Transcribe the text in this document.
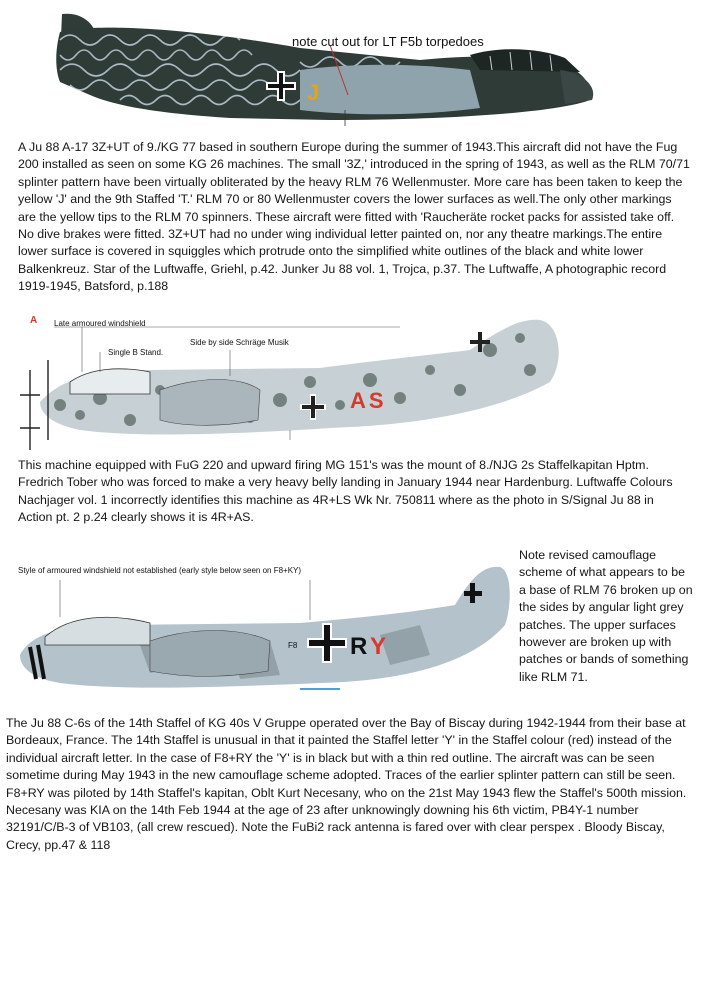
J
note cut out for LT F5b torpedoes

A Ju 88 A-17 3Z+UT of 9./KG 77 based in southern Europe during the summer of 1943.This aircraft did not have the Fug 200 installed as seen on some KG 26 machines. The small '3Z,' introduced in the spring of 1943, as well as the RLM 70/71 splinter pattern have been virtually obliterated by the heavy RLM 76 Wellenmuster. More care has been taken to keep the yellow 'J' and the 9th Staffed 'T.' RLM 70 or 80 Wellenmuster covers the lower surfaces as well.The only other markings are the yellow tips to the RLM 70 spinners. These aircraft were fitted with 'Raucheräte rocket packs for assisted take off. No dive brakes were fitted. 3Z+UT had no under wing individual letter painted on, nor any theatre markings.The entire lower surface is covered in squiggles which protrude onto the simplified white outlines of the black and white lower Balkenkreuz. Star of the Luftwaffe, Griehl, p.42. Junker Ju 88 vol. 1, Trojca, p.37. The Luftwaffe, A photographic record 1919-1945, Batsford, p.188

A Late armoured windshield
Single B Stand.
Side by side Schräge Musik
AS

This machine equipped with FuG 220 and upward firing MG 151's was the mount of 8./NJG 2s Staffelkapitan Hptm. Fredrich Tober who was forced to make a very heavy belly landing in January 1944 near Hardenburg. Luftwaffe Colours Nachjager vol. 1 incorrectly identifies this machine as 4R+LS Wk Nr. 750811 where as the photo in S/Signal Ju 88 in Action pt. 2 p.24 clearly shows it is 4R+AS.

Style of armoured windshield not established (early style below seen on F8+KY)
F8 R Y

Note revised camouflage scheme of what appears to be a base of RLM 76 broken up on the sides by angular light grey patches. The upper surfaces however are broken up with patches or bands of something like RLM 71.

The Ju 88 C-6s of the 14th Staffel of KG 40s V Gruppe operated over the Bay of Biscay during 1942-1944 from their base at Bordeaux, France. The 14th Staffel is unusual in that it painted the Staffel letter 'Y' in the Staffel colour (red) instead of the individual aircraft letter. In the case of F8+RY the 'Y' is in black but with a thin red outline. The aircraft was can be seen sometime during May 1943 in the new camouflage scheme adopted. Traces of the earlier splinter pattern can still be seen. F8+RY was piloted by 14th Staffel's kapitan, Oblt Kurt Necesany, who on the 21st May 1943 flew the Staffel's 500th mission. Necesany was KIA on the 14th Feb 1944 at the age of 23 after unknowingly downing his 6th victim, PB4Y-1 number 32191/C/B-3 of VB103, (all crew rescued). Note the FuBi2 rack antenna is fared over with clear perspex . Bloody Biscay, Crecy, pp.47 & 118
